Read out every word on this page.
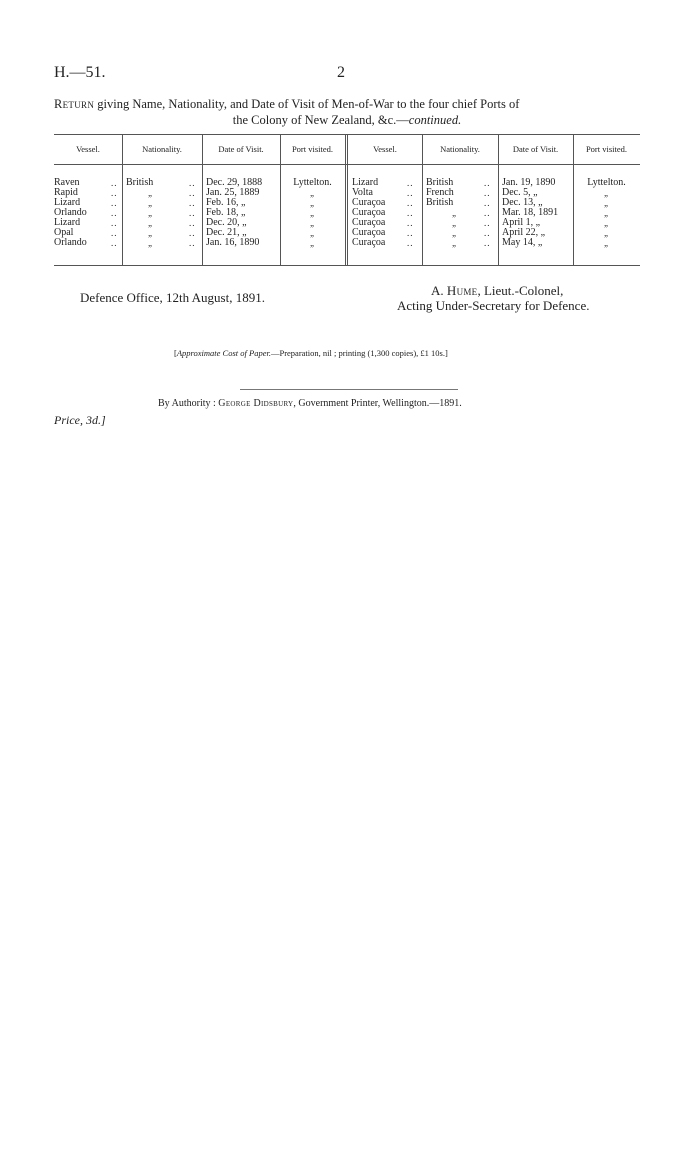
H.—51.	2
Return giving Name, Nationality, and Date of Visit of Men-of-War to the four chief Ports of
the Colony of New Zealand, &c.—continued.
Vessel.	Nationality.	Date of Visit.	Port visited.	Vessel.	Nationality.	Date of Visit.	Port visited.
Raven	.. British	.. Dec. 29, 1888	Lyttelton.	Lizard	.. British	.. Jan. 19, 1890	Lyttelton.
Rapid	..	„	.. Jan. 25, 1889	„	Volta	.. French	.. Dec. 5, „	„
Lizard	..	„	.. Feb. 16, „	„	Curaçoa .. British	.. Dec. 13, „	„
Orlando	..	„	.. Feb. 18, „	„	Curaçoa ..	„	.. Mar. 18, 1891	„
Lizard	..	„	.. Dec. 20, „	„	Curaçoa ..	„	.. April 1, „	„
Opal	..	„	.. Dec. 21, „	„	Curaçoa ..	„	.. April 22, „	„
Orlando	..	„	.. Jan. 16, 1890	„	Curaçoa ..	„	.. May 14, „	„
A. Hume, Lieut.-Colonel,
Acting Under-Secretary for Defence.
Defence Office, 12th August, 1891.
[Approximate Cost of Paper.—Preparation, nil ; printing (1,300 copies), £1 10s.]
By Authority : George Didsbury, Government Printer, Wellington.—1891.
Price, 3d.]
